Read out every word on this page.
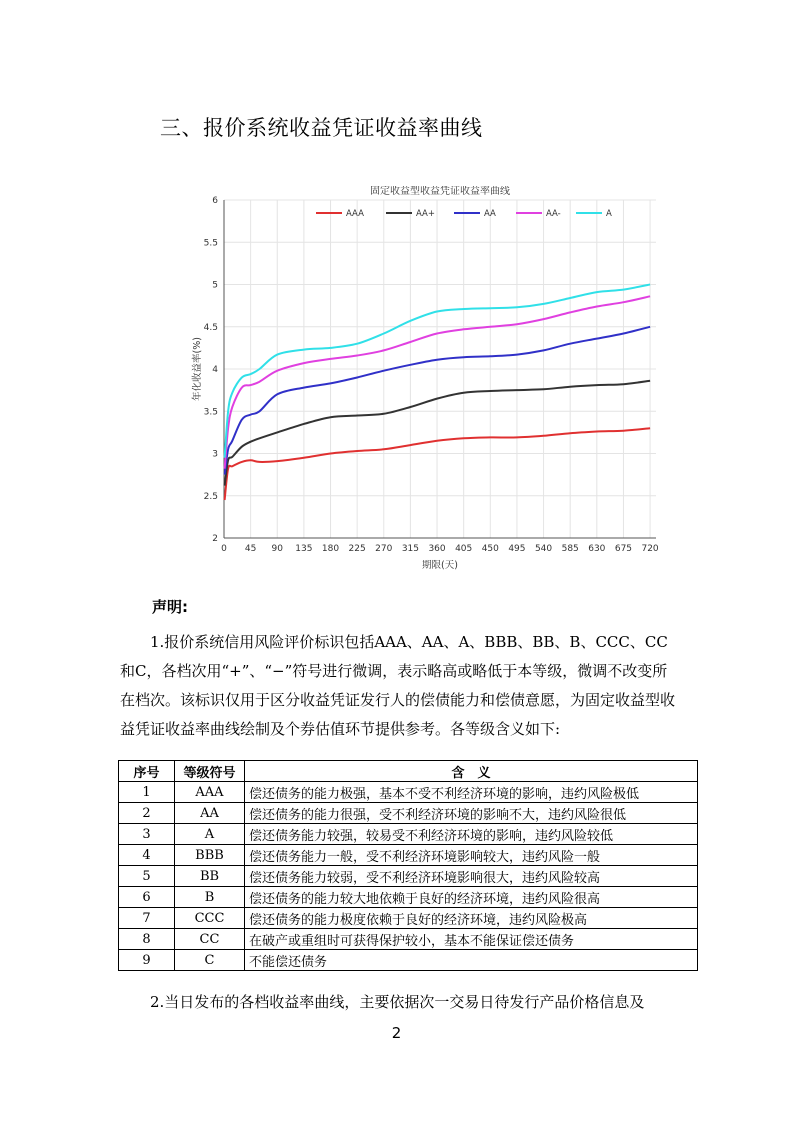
三、报价系统收益凭证收益率曲线
0 45 90 135 180 225 270 315 360 405 450 495 540 585 630 675 720
2
2.5
3
3.5
4
4.5
5
5.5
6
固定收益型收益凭证收益率曲线
期限(天)
年化收益率(%)
AAA	AA+	AA	AA-	A
声明:
1.报价系统信用风险评价标识包括AAA、AA、A、BBB、BB、B、CCC、CC和C，各档次用“+”、“−”符号进行微调，表示略高或略低于本等级，微调不改变所在档次。该标识仅用于区分收益凭证发行人的偿债能力和偿债意愿，为固定收益型收益凭证收益率曲线绘制及个券估值环节提供参考。各等级含义如下:
序号	等级符号	含　义
1	AAA	偿还债务的能力极强，基本不受不利经济环境的影响，违约风险极低
2	AA	偿还债务的能力很强，受不利经济环境的影响不大，违约风险很低
3	A	偿还债务能力较强，较易受不利经济环境的影响，违约风险较低
4	BBB	偿还债务能力一般，受不利经济环境影响较大，违约风险一般
5	BB	偿还债务能力较弱，受不利经济环境影响很大，违约风险较高
6	B	偿还债务的能力较大地依赖于良好的经济环境，违约风险很高
7	CCC	偿还债务的能力极度依赖于良好的经济环境，违约风险极高
8	CC	在破产或重组时可获得保护较小，基本不能保证偿还债务
9	C	不能偿还债务
2.当日发布的各档收益率曲线，主要依据次一交易日待发行产品价格信息及
2
